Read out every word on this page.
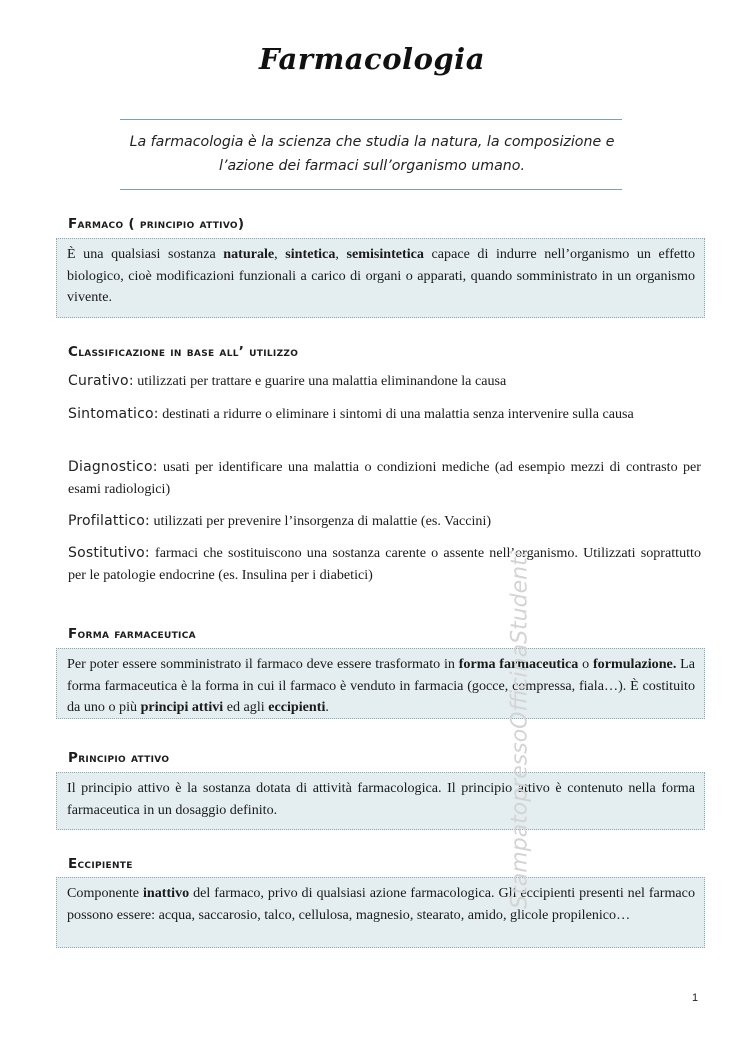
Farmacologia
La farmacologia è la scienza che studia la natura, la composizione e l’azione dei farmaci sull’organismo umano.
Farmaco ( principio attivo)
È una qualsiasi sostanza naturale, sintetica, semisintetica capace di indurre nell’organismo un effetto biologico, cioè modificazioni funzionali a carico di organi o apparati, quando somministrato in un organismo vivente.
Classificazione in base all’ utilizzo
Curativo: utilizzati per trattare e guarire una malattia eliminandone la causa
Sintomatico: destinati a ridurre o eliminare i sintomi di una malattia senza intervenire sulla causa
Diagnostico: usati per identificare una malattia o condizioni mediche (ad esempio mezzi di contrasto per esami radiologici)
Profilattico: utilizzati per prevenire l’insorgenza di malattie (es. Vaccini)
Sostitutivo: farmaci che sostituiscono una sostanza carente o assente nell’organismo. Utilizzati soprattutto per le patologie endocrine (es. Insulina per i diabetici)
Forma farmaceutica
Per poter essere somministrato il farmaco deve essere trasformato in forma farmaceutica o formulazione. La forma farmaceutica è la forma in cui il farmaco è venduto in farmacia (gocce, compressa, fiala…). È costituito da uno o più principi attivi ed agli eccipienti.
Principio attivo
Il principio attivo è la sostanza dotata di attività farmacologica. Il principio attivo è contenuto nella forma farmaceutica in un dosaggio definito.
Eccipiente
Componente inattivo del farmaco, privo di qualsiasi azione farmacologica. Gli eccipienti presenti nel farmaco possono essere: acqua, saccarosio, talco, cellulosa, magnesio, stearato, amido, glicole propilenico…
StampatopressoOfficinaStudenti
1
